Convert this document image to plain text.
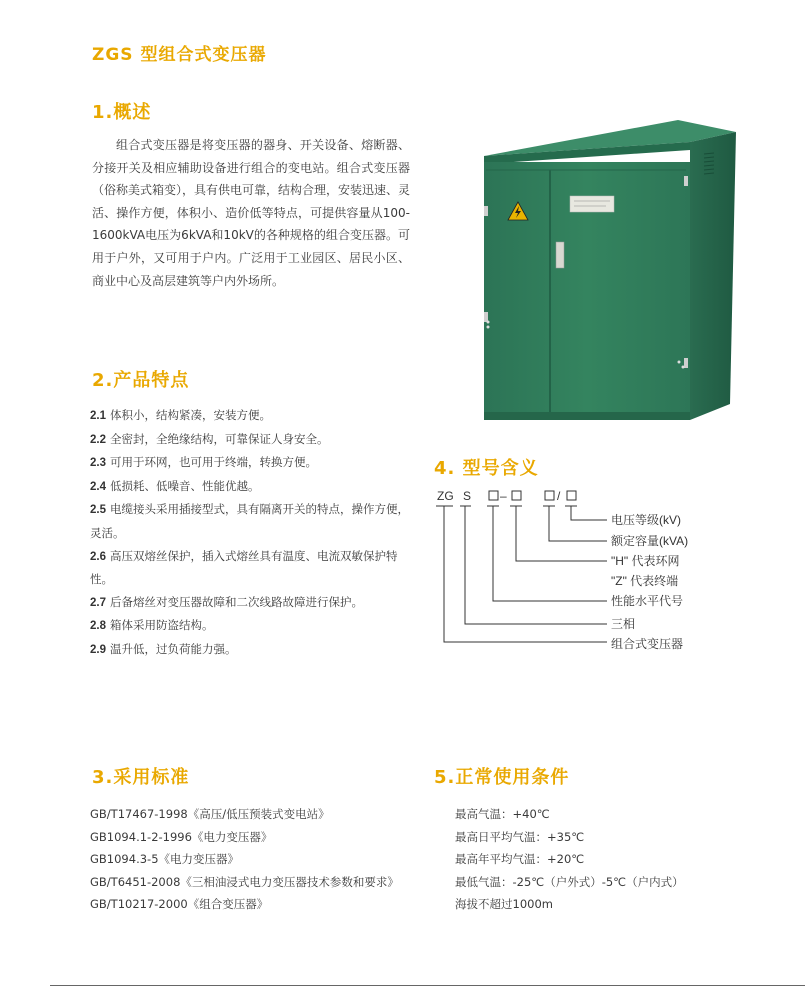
ZGS 型组合式变压器
1.概述

组合式变压器是将变压器的器身、开关设备、熔断器、分接开关及相应辅助设备进行组合的变电站。组合式变压器（俗称美式箱变），具有供电可靠，结构合理，安装迅速、灵活、操作方便，体积小、造价低等特点，可提供容量从100-1600kVA电压为6kVA和10kV的各种规格的组合变压器。可用于户外，又可用于户内。广泛用于工业园区、居民小区、商业中心及高层建筑等户内外场所。

2.产品特点
2.1 体积小，结构紧凑，安装方便。
2.2 全密封，全绝缘结构，可靠保证人身安全。
2.3 可用于环网，也可用于终端，转换方便。
2.4 低损耗、低噪音、性能优越。
2.5 电缆接头采用插接型式，具有隔离开关的特点，操作方便，灵活。
2.6 高压双熔丝保护，插入式熔丝具有温度、电流双敏保护特性。
2.7 后备熔丝对变压器故障和二次线路故障进行保护。
2.8 箱体采用防盗结构。
2.9 温升低，过负荷能力强。
4. 型号含义
ZG S –	/
电压等级(kV)
额定容量(kVA)
"H" 代表环网
"Z" 代表终端
性能水平代号
三相
组合式变压器
3.采用标准
GB/T17467-1998《高压/低压预装式变电站》
GB1094.1-2-1996《电力变压器》
GB1094.3-5《电力变压器》
GB/T6451-2008《三相油浸式电力变压器技术参数和要求》
GB/T10217-2000《组合变压器》
5.正常使用条件
最高气温：+40℃
最高日平均气温：+35℃
最高年平均气温：+20℃
最低气温：-25℃（户外式）-5℃（户内式）
海拔不超过1000m
